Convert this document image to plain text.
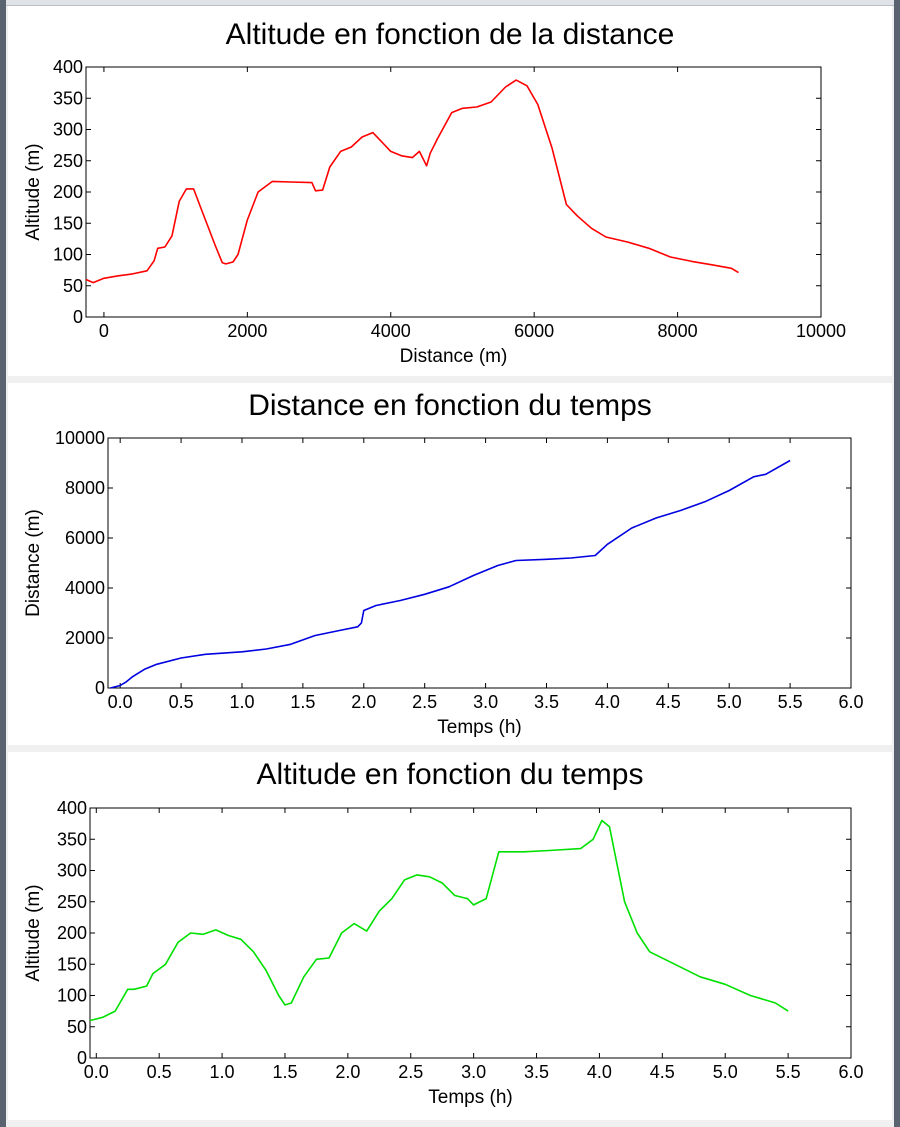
Altitude en fonction de la distance
0
50
100
150
200
250
300
350
400
0	2000	4000	6000	8000	10000
Distance (m)
Altitude (m)
Distance en fonction du temps
0
2000
4000
6000
8000
10000
0.0 0.5 1.0 1.5 2.0 2.5 3.0 3.5 4.0 4.5 5.0 5.5 6.0
Temps (h)
Distance (m)
Altitude en fonction du temps
0
50
100
150
200
250
300
350
400
0.0 0.5 1.0 1.5 2.0 2.5 3.0 3.5 4.0 4.5 5.0 5.5 6.0
Temps (h)
Altitude (m)
